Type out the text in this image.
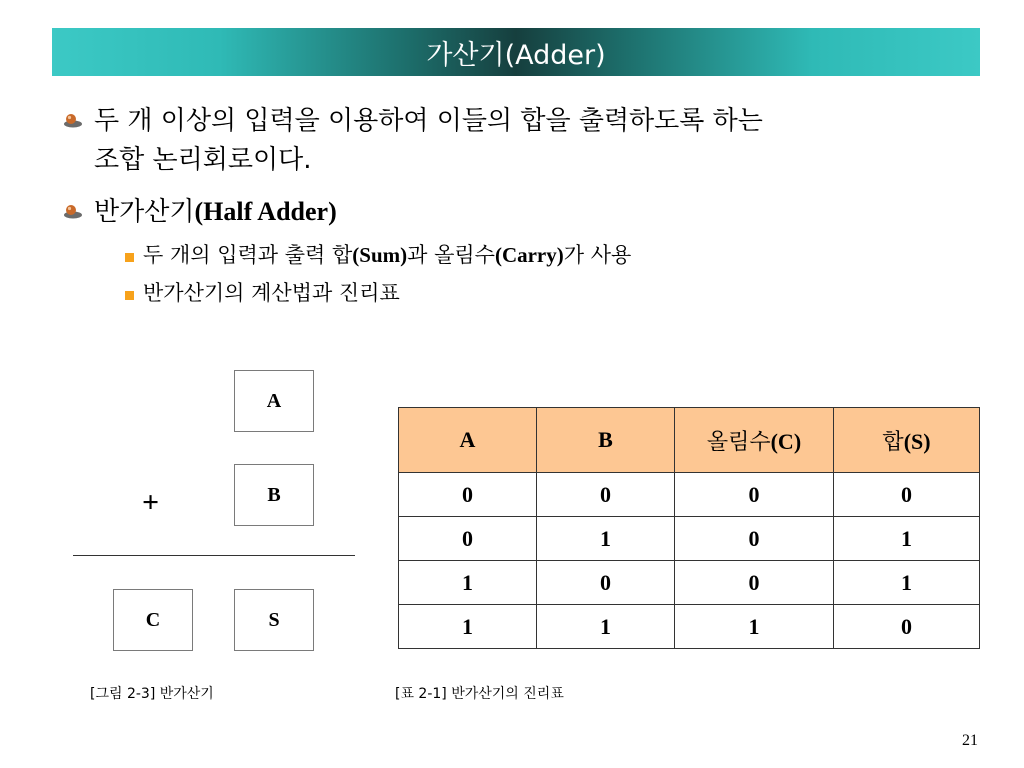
가산기(Adder)
두 개 이상의 입력을 이용하여 이들의 합을 출력하도록 하는
조합 논리회로이다.
반가산기(Half Adder)
두 개의 입력과 출력 합(Sum)과 올림수(Carry)가 사용
반가산기의 계산법과 진리표
A
B
+
C	S
[그림 2-3] 반가산기
A	B	올림수(C)	합(S)
0	0	0	0
0	1	0	1
1	0	0	1
1	1	1	0
[표 2-1] 반가산기의 진리표
21
